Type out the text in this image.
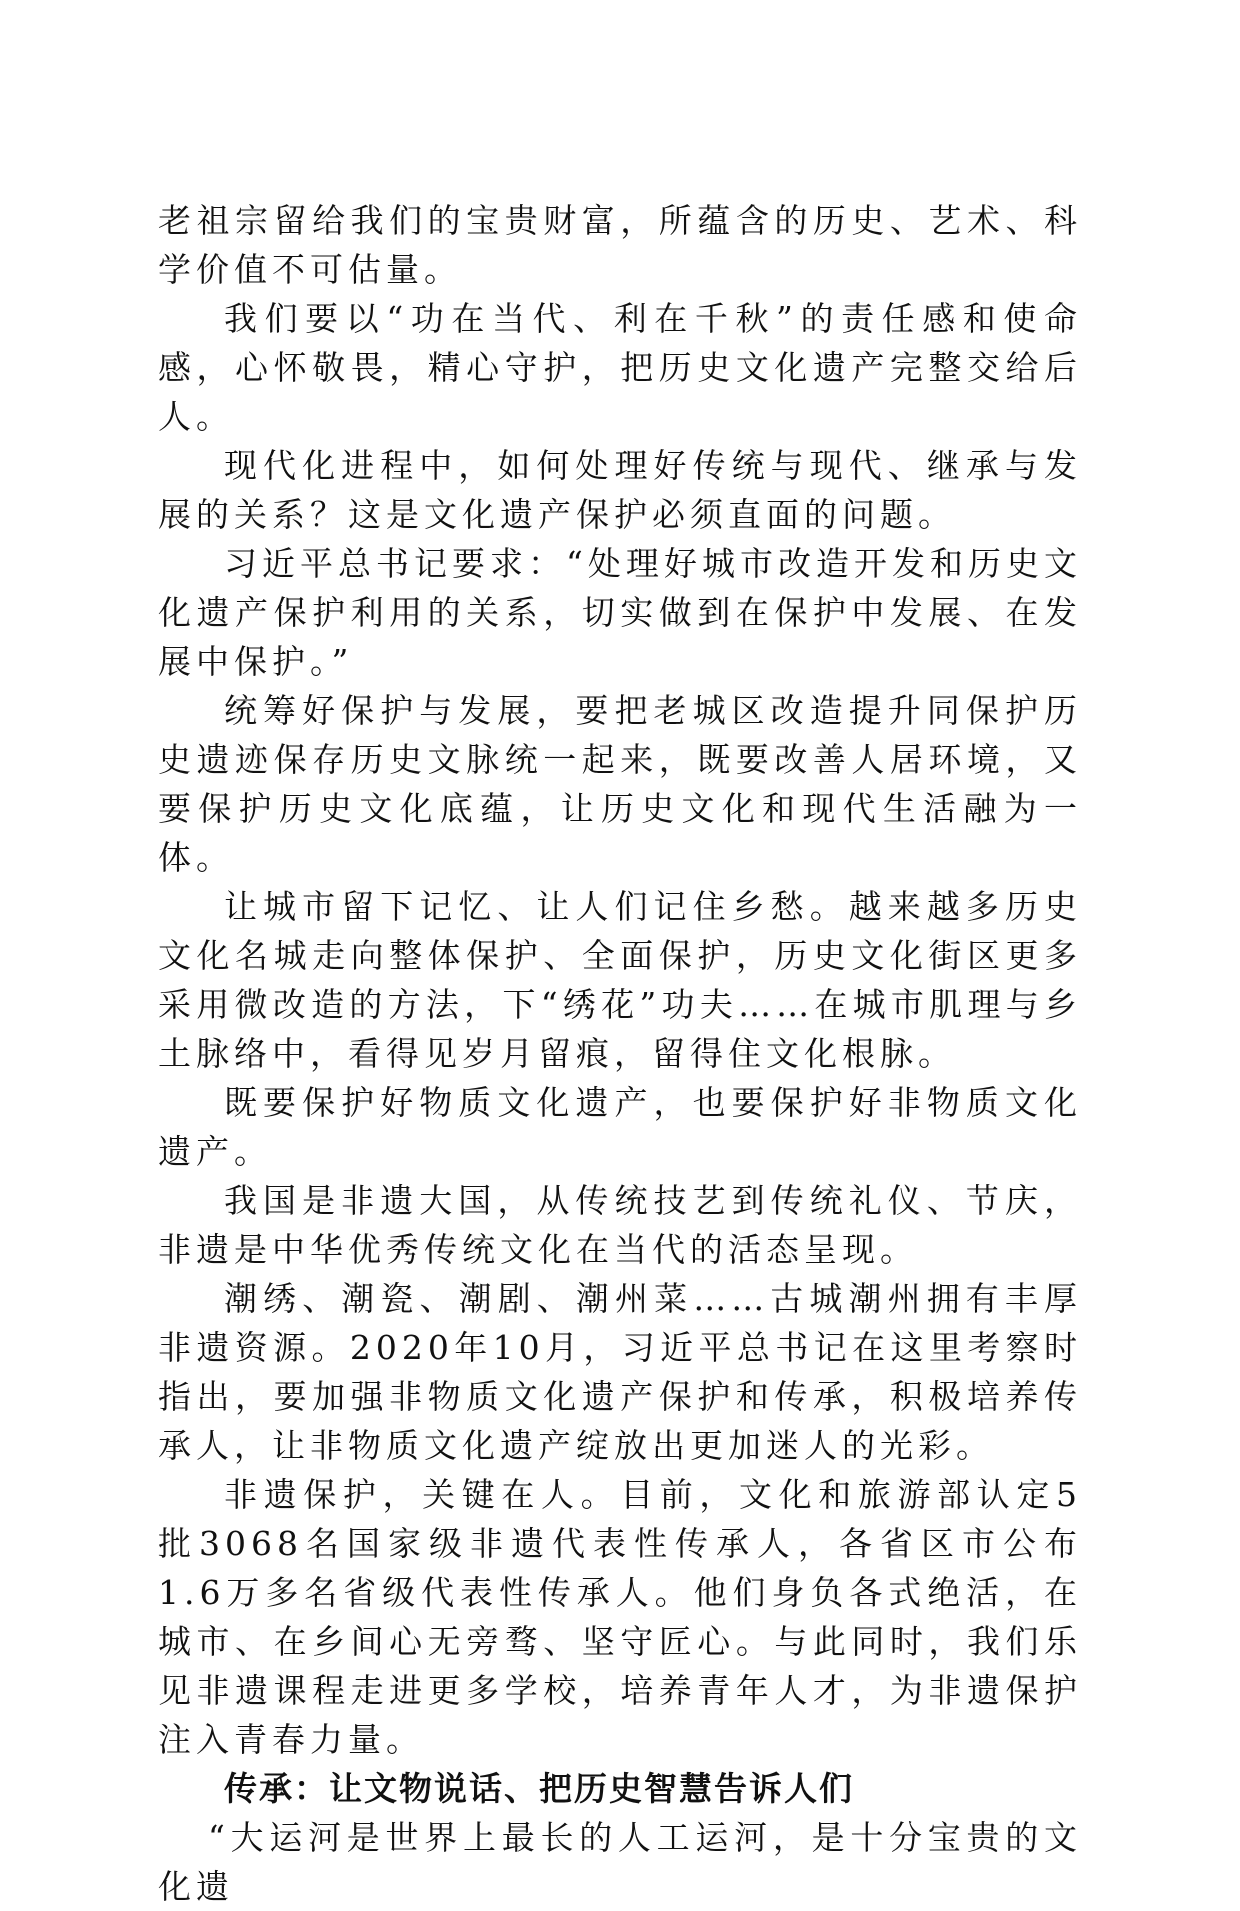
老祖宗留给我们的宝贵财富，所蕴含的历史、艺术、科学价值不可估量。

我们要以“功在当代、利在千秋”的责任感和使命感，心怀敬畏，精心守护，把历史文化遗产完整交给后人。

现代化进程中，如何处理好传统与现代、继承与发展的关系？这是文化遗产保护必须直面的问题。

习近平总书记要求：“处理好城市改造开发和历史文化遗产保护利用的关系，切实做到在保护中发展、在发展中保护。”

统筹好保护与发展，要把老城区改造提升同保护历史遗迹保存历史文脉统一起来，既要改善人居环境，又要保护历史文化底蕴，让历史文化和现代生活融为一体。

让城市留下记忆、让人们记住乡愁。越来越多历史文化名城走向整体保护、全面保护，历史文化街区更多采用微改造的方法，下“绣花”功夫……在城市肌理与乡土脉络中，看得见岁月留痕，留得住文化根脉。

既要保护好物质文化遗产，也要保护好非物质文化遗产。

我国是非遗大国，从传统技艺到传统礼仪、节庆，非遗是中华优秀传统文化在当代的活态呈现。

潮绣、潮瓷、潮剧、潮州菜……古城潮州拥有丰厚非遗资源。2020年10月，习近平总书记在这里考察时指出，要加强非物质文化遗产保护和传承，积极培养传承人，让非物质文化遗产绽放出更加迷人的光彩。

非遗保护，关键在人。目前，文化和旅游部认定5批3068名国家级非遗代表性传承人，各省区市公布1.6万多名省级代表性传承人。他们身负各式绝活，在城市、在乡间心无旁骛、坚守匠心。与此同时，我们乐见非遗课程走进更多学校，培养青年人才，为非遗保护注入青春力量。

传承：让文物说话、把历史智慧告诉人们

“大运河是世界上最长的人工运河，是十分宝贵的文化遗
